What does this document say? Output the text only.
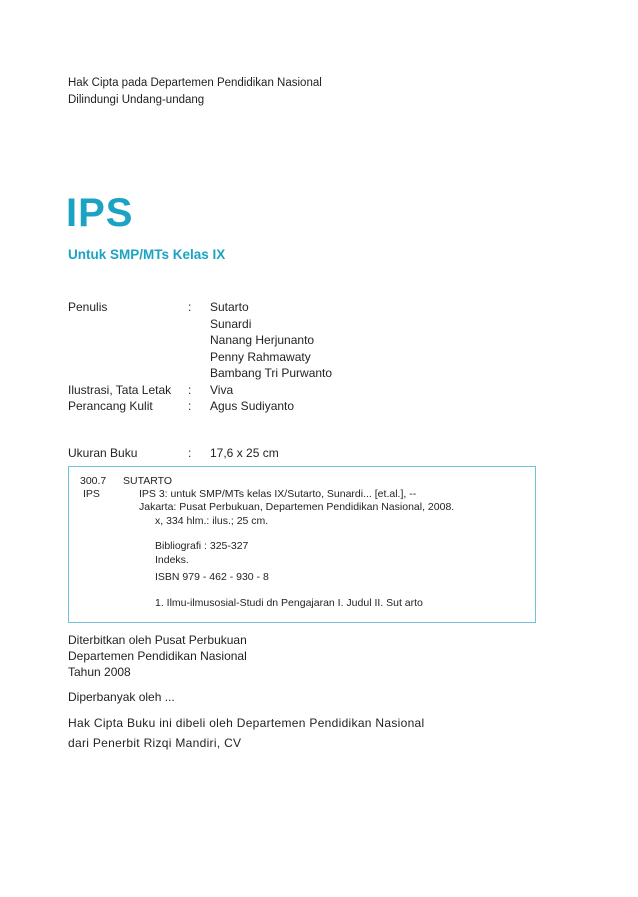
Hak Cipta pada Departemen Pendidikan Nasional
Dilindungi Undang-undang
IPS
Untuk SMP/MTs Kelas IX
Penulis	:	Sutarto
Sunardi
Nanang Herjunanto
Penny Rahmawaty
Bambang Tri Purwanto
Ilustrasi, Tata Letak	:	Viva
Perancang Kulit	:	Agus Sudiyanto
Ukuran Buku	:	17,6 x 25 cm
300.7
IPS
SUTARTO
IPS 3: untuk SMP/MTs kelas IX/Sutarto, Sunardi... [et.al.], --
Jakarta: Pusat Perbukuan, Departemen Pendidikan Nasional, 2008.
x, 334 hlm.: ilus.; 25 cm.
Bibliografi : 325-327
Indeks.
ISBN 979 - 462 - 930 - 8
1. Ilmu-ilmusosial-Studi dn Pengajaran I. Judul II. Sut arto
Diterbitkan oleh Pusat Perbukuan
Departemen Pendidikan Nasional
Tahun 2008
Diperbanyak oleh ...
Hak Cipta Buku ini dibeli oleh Departemen Pendidikan Nasional
dari Penerbit Rizqi Mandiri, CV
